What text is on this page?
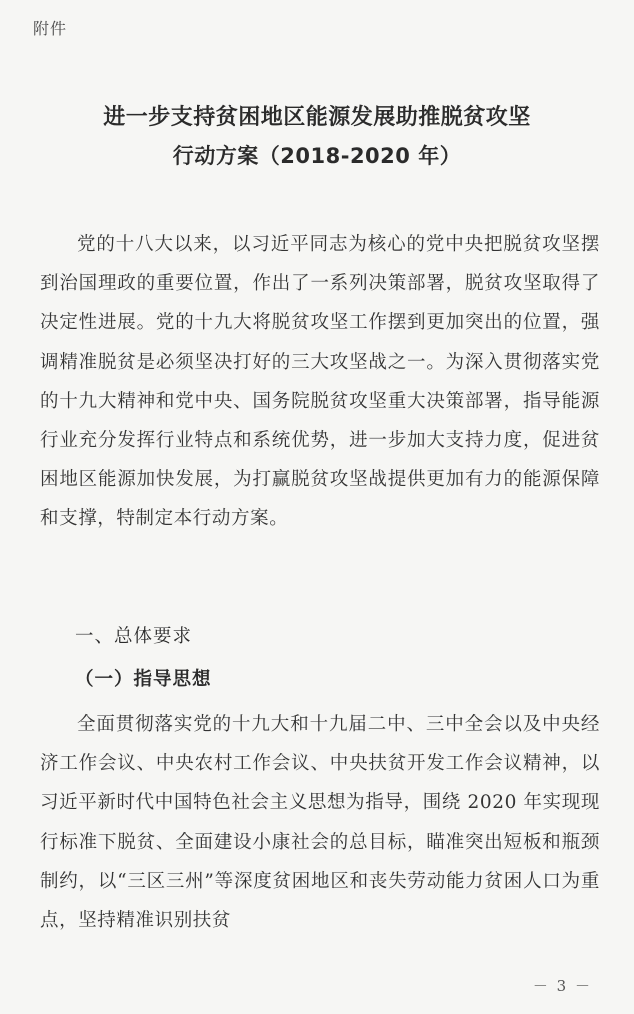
附件
进一步支持贫困地区能源发展助推脱贫攻坚
行动方案（2018-2020 年）
党的十八大以来，以习近平同志为核心的党中央把脱贫攻坚摆到治国理政的重要位置，作出了一系列决策部署，脱贫攻坚取得了决定性进展。党的十九大将脱贫攻坚工作摆到更加突出的位置，强调精准脱贫是必须坚决打好的三大攻坚战之一。为深入贯彻落实党的十九大精神和党中央、国务院脱贫攻坚重大决策部署，指导能源行业充分发挥行业特点和系统优势，进一步加大支持力度，促进贫困地区能源加快发展，为打赢脱贫攻坚战提供更加有力的能源保障和支撑，特制定本行动方案。
一、总体要求
（一）指导思想
全面贯彻落实党的十九大和十九届二中、三中全会以及中央经济工作会议、中央农村工作会议、中央扶贫开发工作会议精神，以习近平新时代中国特色社会主义思想为指导，围绕 2020 年实现现行标准下脱贫、全面建设小康社会的总目标，瞄准突出短板和瓶颈制约，以“三区三州”等深度贫困地区和丧失劳动能力贫困人口为重点，坚持精准识别扶贫
－ 3 －
